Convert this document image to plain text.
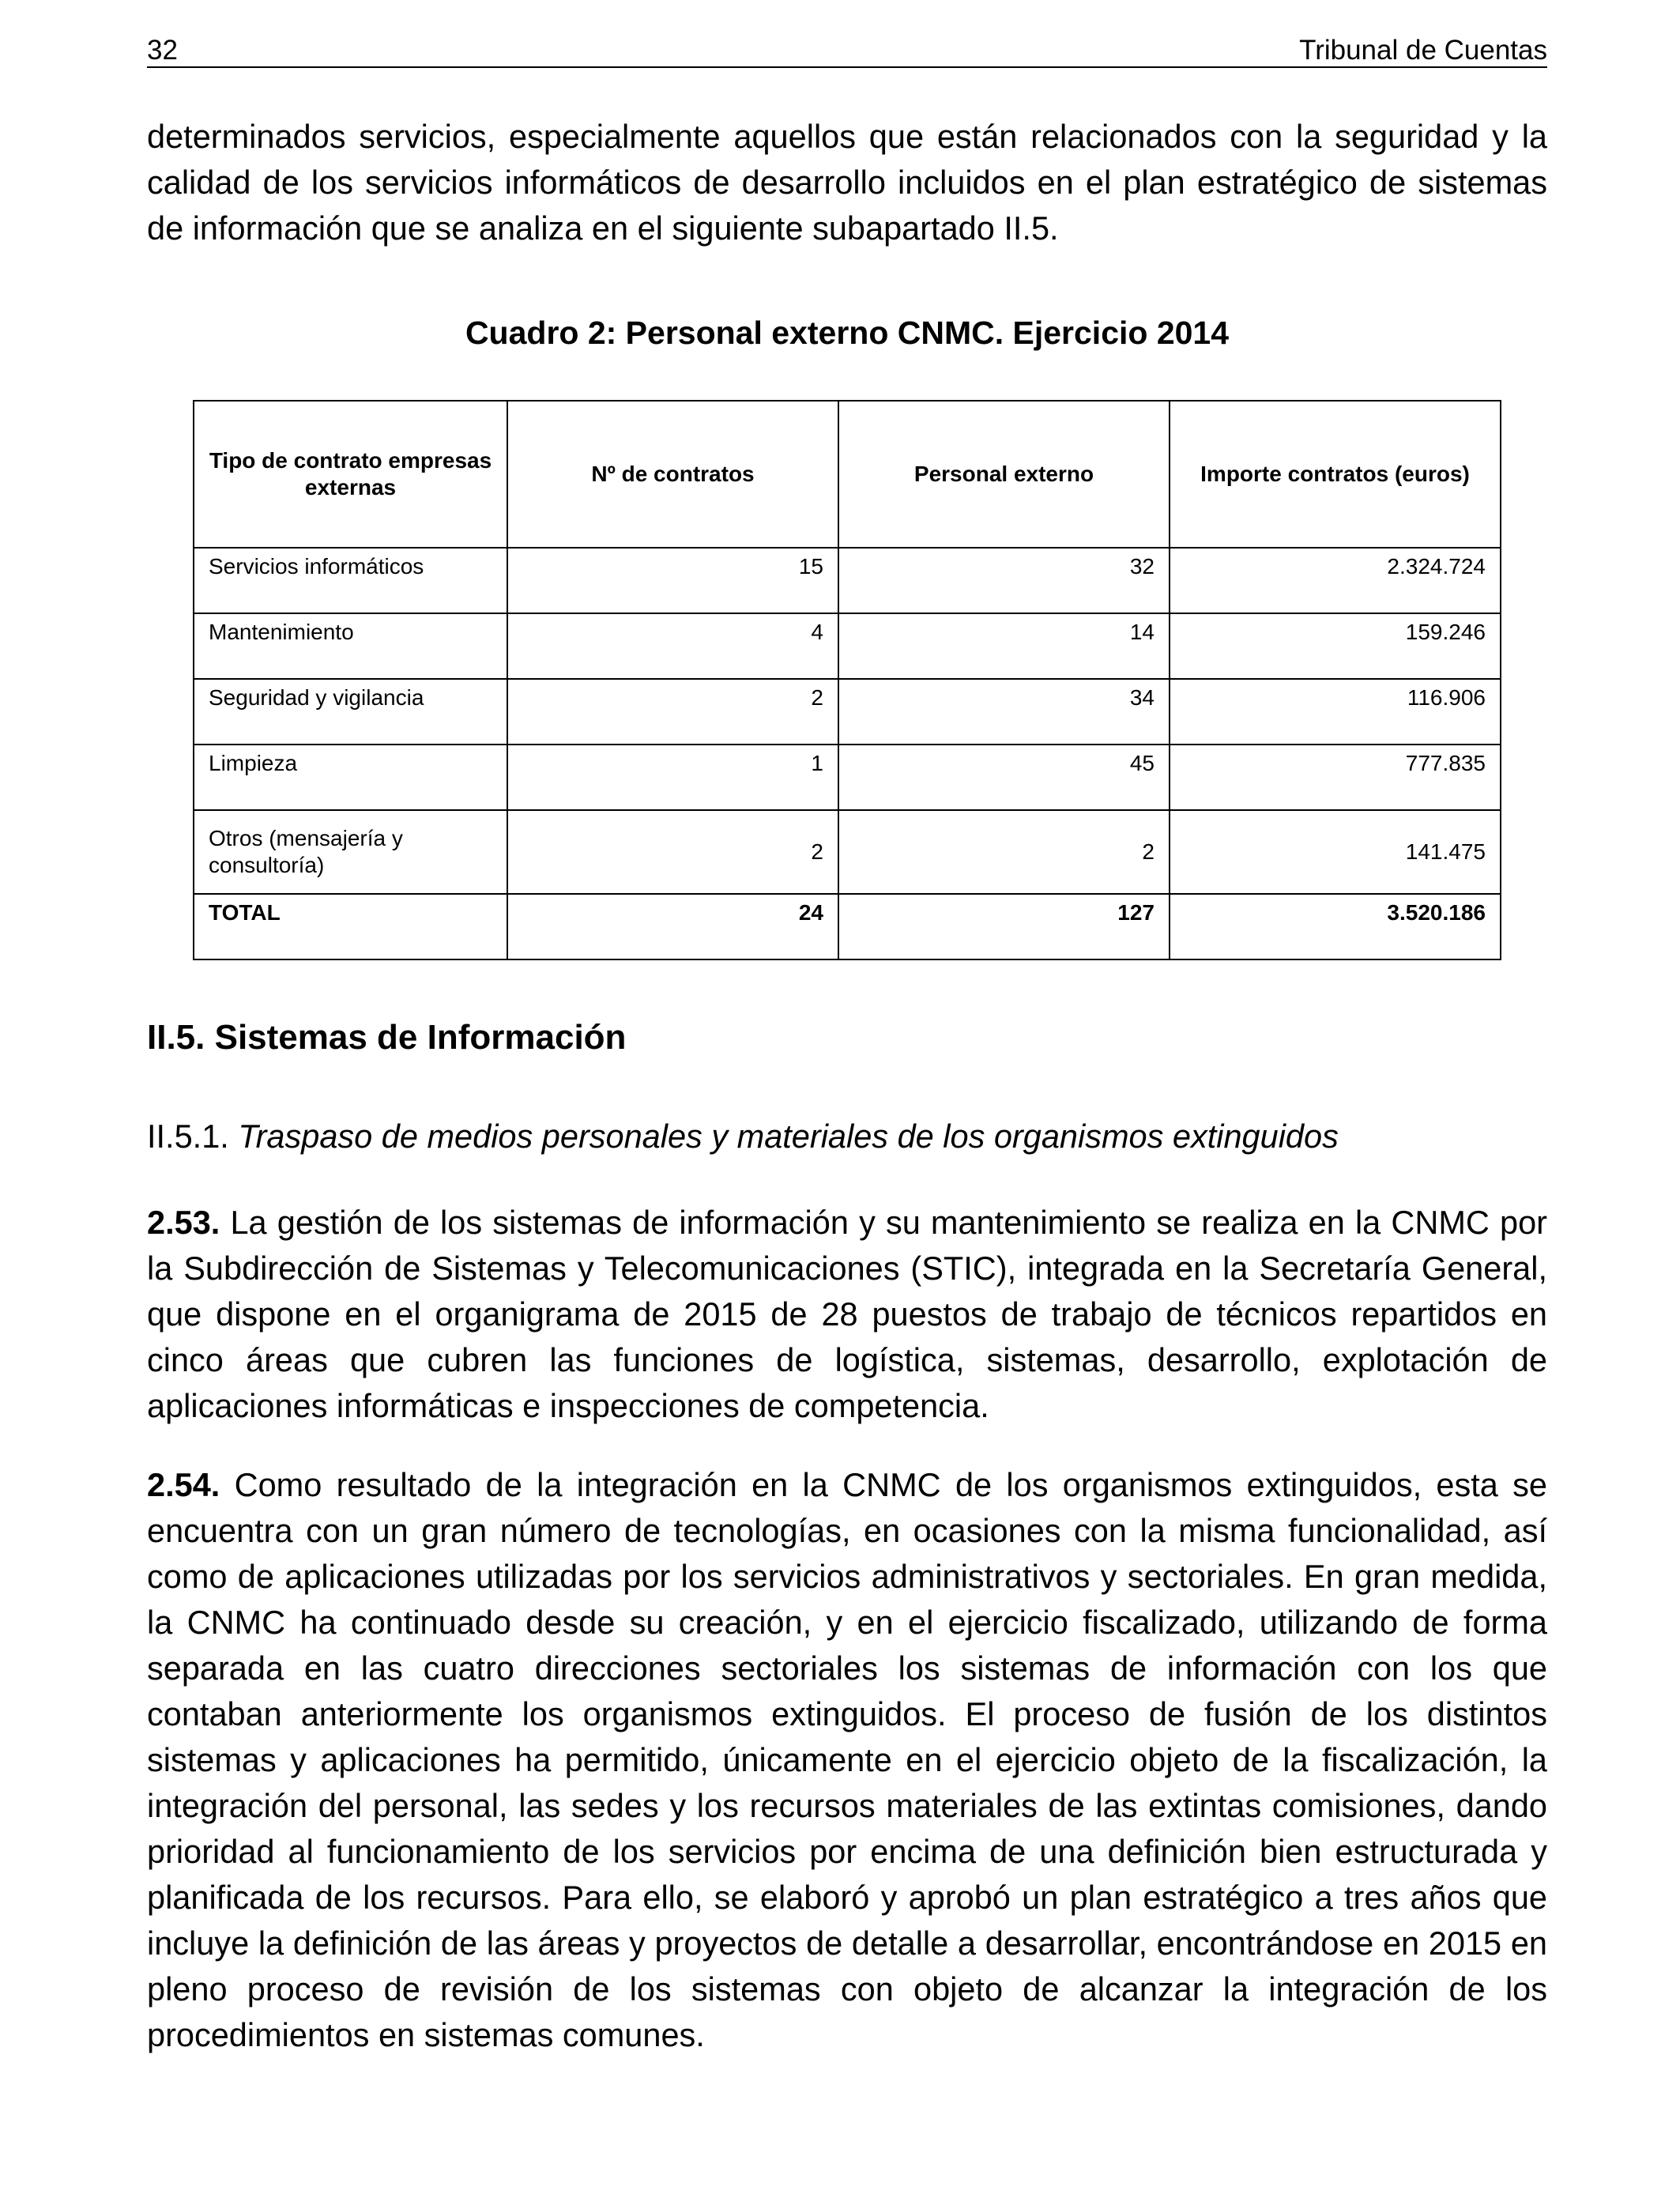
32	Tribunal de Cuentas

determinados servicios, especialmente aquellos que están relacionados con la seguridad y la calidad de los servicios informáticos de desarrollo incluidos en el plan estratégico de sistemas de información que se analiza en el siguiente subapartado II.5.

Cuadro 2: Personal externo CNMC. Ejercicio 2014
Tipo de contrato empresas externas	Nº de contratos	Personal externo	Importe contratos (euros)
Servicios informáticos	15	32	2.324.724
Mantenimiento	4	14	159.246
Seguridad y vigilancia	2	34	116.906
Limpieza	1	45	777.835
Otros (mensajería y consultoría)	2	2	141.475
TOTAL	24	127	3.520.186
II.5. Sistemas de Información
II.5.1. Traspaso de medios personales y materiales de los organismos extinguidos

2.53. La gestión de los sistemas de información y su mantenimiento se realiza en la CNMC por la Subdirección de Sistemas y Telecomunicaciones (STIC), integrada en la Secretaría General, que dispone en el organigrama de 2015 de 28 puestos de trabajo de técnicos repartidos en cinco áreas que cubren las funciones de logística, sistemas, desarrollo, explotación de aplicaciones informáticas e inspecciones de competencia.

2.54. Como resultado de la integración en la CNMC de los organismos extinguidos, esta se encuentra con un gran número de tecnologías, en ocasiones con la misma funcionalidad, así como de aplicaciones utilizadas por los servicios administrativos y sectoriales. En gran medida, la CNMC ha continuado desde su creación, y en el ejercicio fiscalizado, utilizando de forma separada en las cuatro direcciones sectoriales los sistemas de información con los que contaban anteriormente los organismos extinguidos. El proceso de fusión de los distintos sistemas y aplicaciones ha permitido, únicamente en el ejercicio objeto de la fiscalización, la integración del personal, las sedes y los recursos materiales de las extintas comisiones, dando prioridad al funcionamiento de los servicios por encima de una definición bien estructurada y planificada de los recursos. Para ello, se elaboró y aprobó un plan estratégico a tres años que incluye la definición de las áreas y proyectos de detalle a desarrollar, encontrándose en 2015 en pleno proceso de revisión de los sistemas con objeto de alcanzar la integración de los procedimientos en sistemas comunes.
